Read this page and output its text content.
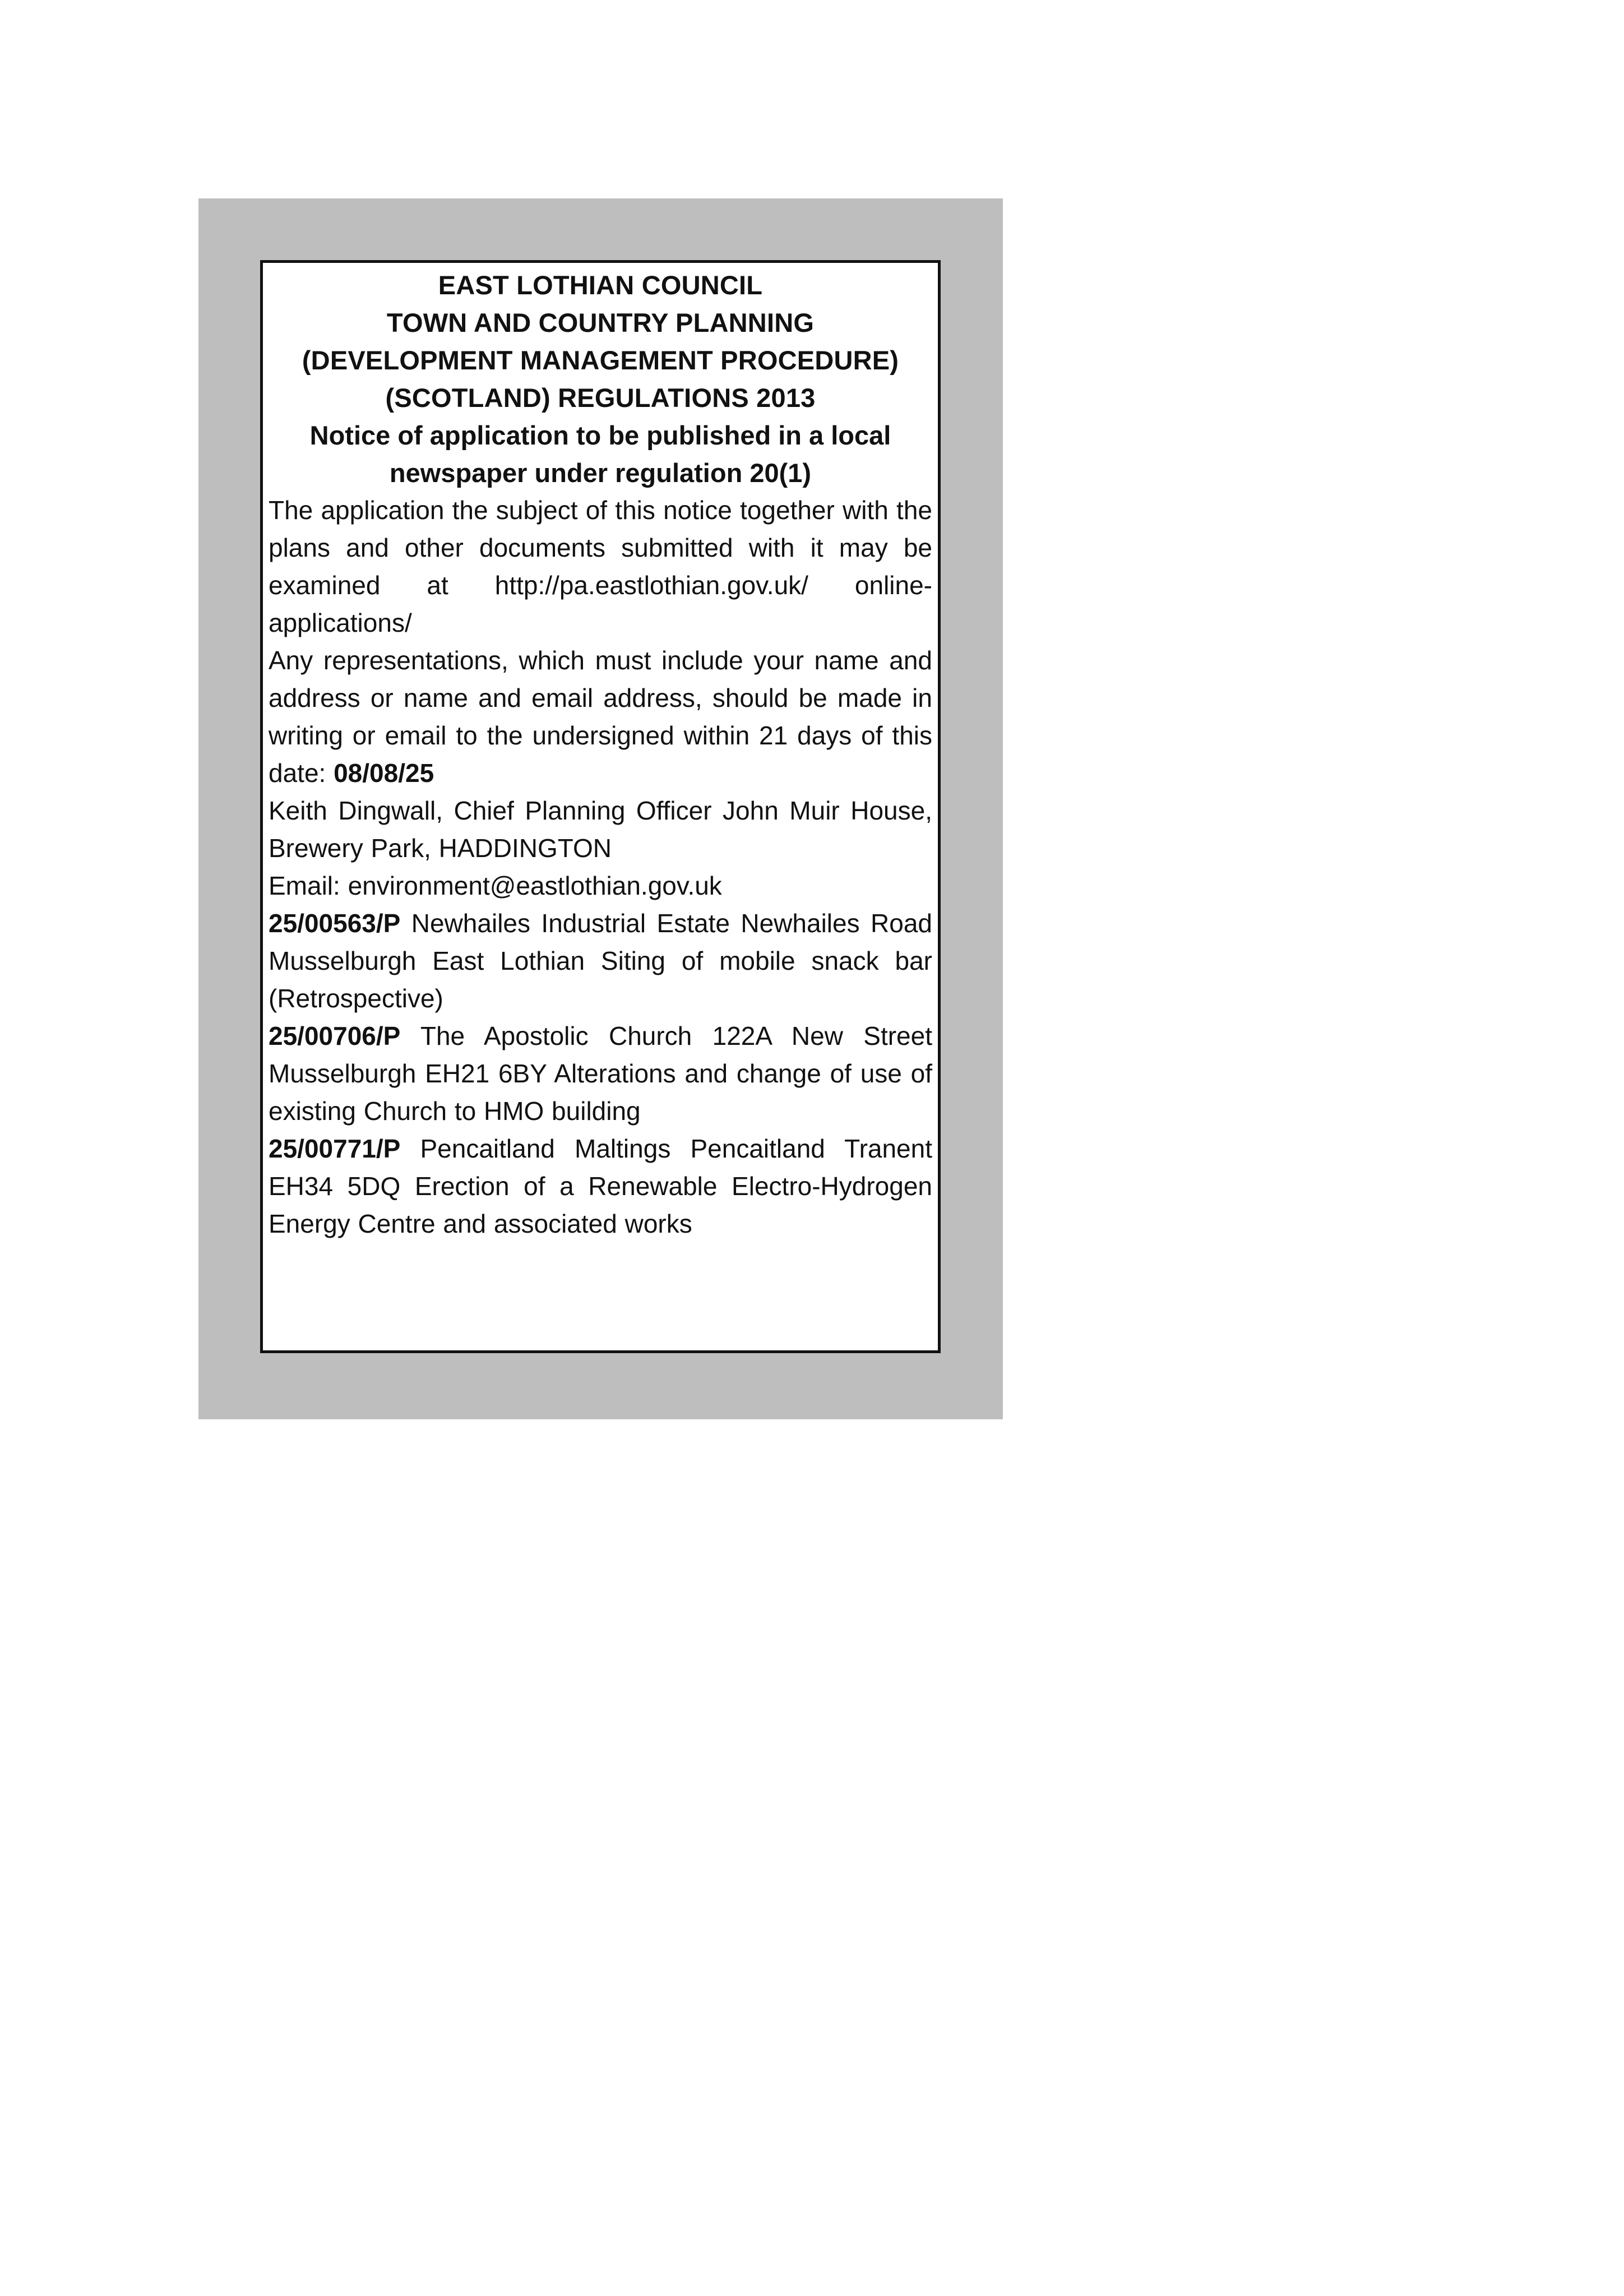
EAST LOTHIAN COUNCIL

TOWN AND COUNTRY PLANNING

(DEVELOPMENT MANAGEMENT PROCEDURE)

(SCOTLAND) REGULATIONS 2013

Notice of application to be published in a local

newspaper under regulation 20(1)

The application the subject of this notice together with the plans and other documents submitted with it may be examined at http://pa.eastlothian.gov.uk/ online-applications/

Any representations, which must include your name and address or name and email address, should be made in writing or email to the undersigned within 21 days of this date: 08/08/25

Keith Dingwall, Chief Planning Officer John Muir House, Brewery Park, HADDINGTON

Email: environment@eastlothian.gov.uk

25/00563/P Newhailes Industrial Estate Newhailes Road Musselburgh East Lothian Siting of mobile snack bar (Retrospective)

25/00706/P The Apostolic Church 122A New Street Musselburgh EH21 6BY Alterations and change of use of existing Church to HMO building

25/00771/P Pencaitland Maltings Pencaitland Tranent EH34 5DQ Erection of a Renewable Electro-Hydrogen Energy Centre and associated works
